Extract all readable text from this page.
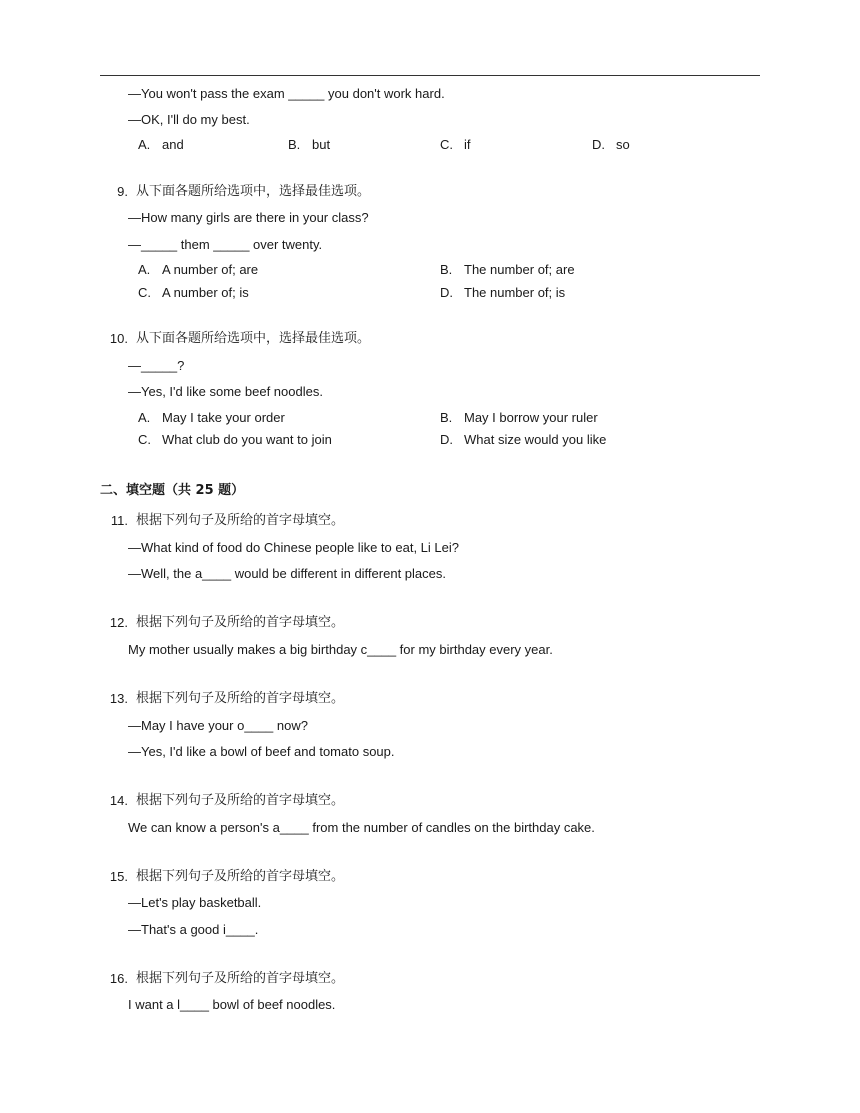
—You won't pass the exam _____ you don't work hard.
—OK, I'll do my best.
A. and	B. but	C. if	D. so
9. 从下面各题所给选项中，选择最佳选项。
—How many girls are there in your class?
—_____ them _____ over twenty.
A. A number of; are	B. The number of; are
C. A number of; is	D. The number of; is
10. 从下面各题所给选项中，选择最佳选项。
—_____?
—Yes, I'd like some beef noodles.
A. May I take your order	B. May I borrow your ruler
C. What club do you want to join	D. What size would you like
二、填空题（共 25 题）
11. 根据下列句子及所给的首字母填空。
—What kind of food do Chinese people like to eat, Li Lei?
—Well, the a____ would be different in different places.
12. 根据下列句子及所给的首字母填空。
My mother usually makes a big birthday c____ for my birthday every year.
13. 根据下列句子及所给的首字母填空。
—May I have your o____ now?
—Yes, I'd like a bowl of beef and tomato soup.
14. 根据下列句子及所给的首字母填空。
We can know a person's a____ from the number of candles on the birthday cake.
15. 根据下列句子及所给的首字母填空。
—Let's play basketball.
—That's a good i____.
16. 根据下列句子及所给的首字母填空。
I want a l____ bowl of beef noodles.
